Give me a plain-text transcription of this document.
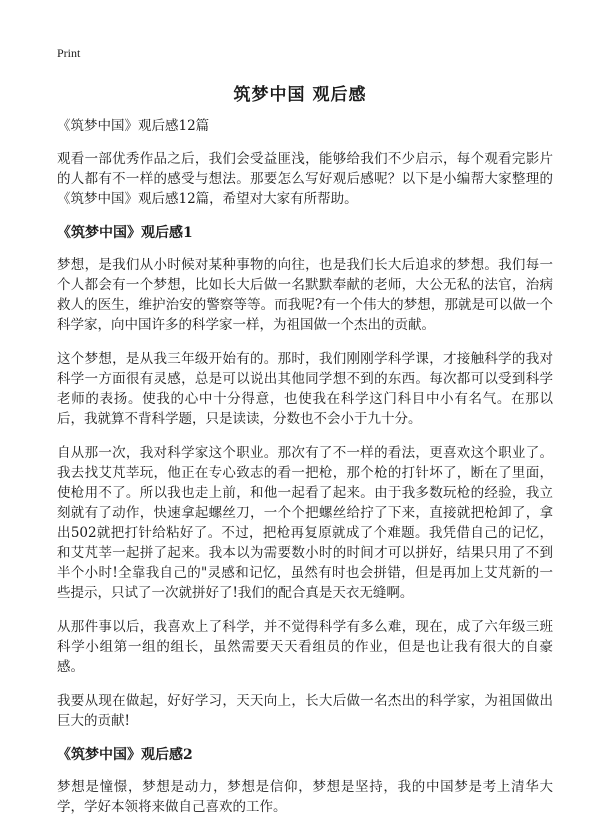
Print
筑梦中国 观后感
《筑梦中国》观后感12篇

观看一部优秀作品之后，我们会受益匪浅，能够给我们不少启示，每个观看完影片的人都有不一样的感受与想法。那要怎么写好观后感呢？以下是小编帮大家整理的《筑梦中国》观后感12篇，希望对大家有所帮助。

《筑梦中国》观后感1

梦想，是我们从小时候对某种事物的向往，也是我们长大后追求的梦想。我们每一个人都会有一个梦想，比如长大后做一名默默奉献的老师，大公无私的法官，治病救人的医生，维护治安的警察等等。而我呢?有一个伟大的梦想，那就是可以做一个科学家，向中国许多的科学家一样，为祖国做一个杰出的贡献。

这个梦想，是从我三年级开始有的。那时，我们刚刚学科学课，才接触科学的我对科学一方面很有灵感，总是可以说出其他同学想不到的东西。每次都可以受到科学老师的表扬。使我的心中十分得意，也使我在科学这门科目中小有名气。在那以后，我就算不背科学题，只是读读，分数也不会小于九十分。

自从那一次，我对科学家这个职业。那次有了不一样的看法，更喜欢这个职业了。我去找艾芃莘玩，他正在专心致志的看一把枪，那个枪的打针坏了，断在了里面，使枪用不了。所以我也走上前，和他一起看了起来。由于我多数玩枪的经验，我立刻就有了动作，快速拿起螺丝刀，一个个把螺丝给拧了下来，直接就把枪卸了，拿出502就把打针给粘好了。不过，把枪再复原就成了个难题。我凭借自己的记忆，和艾芃莘一起拼了起来。我本以为需要数小时的时间才可以拼好，结果只用了不到半个小时!全靠我自己的"灵感和记忆，虽然有时也会拼错，但是再加上艾芃新的一些提示，只试了一次就拼好了!我们的配合真是天衣无缝啊。

从那件事以后，我喜欢上了科学，并不觉得科学有多么难，现在，成了六年级三班科学小组第一组的组长，虽然需要天天看组员的作业，但是也让我有很大的自豪感。

我要从现在做起，好好学习，天天向上，长大后做一名杰出的科学家，为祖国做出巨大的贡献!

《筑梦中国》观后感2

梦想是憧憬，梦想是动力，梦想是信仰，梦想是坚持，我的中国梦是考上清华大学，学好本领将来做自己喜欢的工作。
